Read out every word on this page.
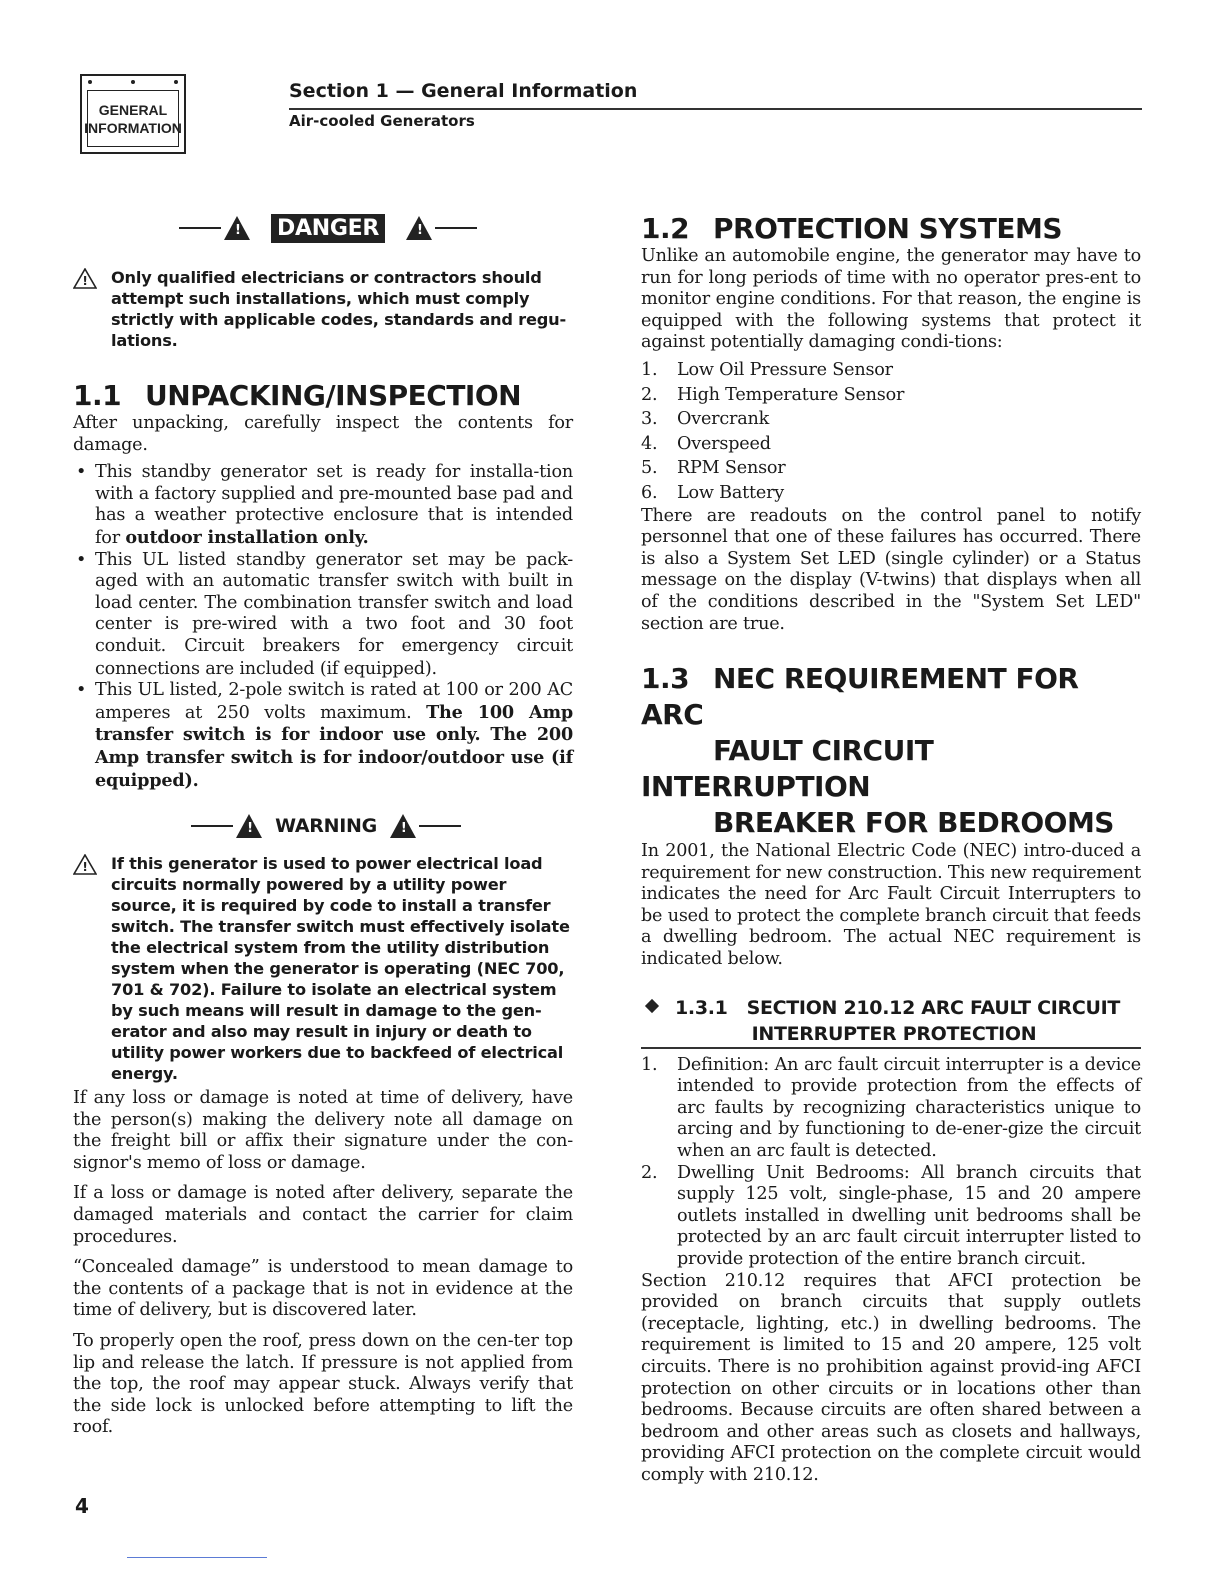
GENERAL
INFORMATION
Section 1 — General Information
Air-cooled Generators
! DANGER	!

! Only qualified electricians or contractors should attempt such installations, which must comply strictly with applicable codes, standards and regu-lations.

1.1 UNPACKING/INSPECTION

After unpacking, carefully inspect the contents for damage.

• This standby generator set is ready for installa-tion with a factory supplied and pre-mounted base pad and has a weather protective enclosure that is intended for outdoor installation only.
• This UL listed standby generator set may be pack-aged with an automatic transfer switch with built in load center. The combination transfer switch and load center is pre-wired with a two foot and 30 foot conduit. Circuit breakers for emergency circuit connections are included (if equipped).
• This UL listed, 2-pole switch is rated at 100 or 200 AC amperes at 250 volts maximum. The 100 Amp transfer switch is for indoor use only. The 200 Amp transfer switch is for indoor/outdoor use (if equipped).
! WARNING !

! If this generator is used to power electrical load circuits normally powered by a utility power source, it is required by code to install a transfer switch. The transfer switch must effectively isolate the electrical system from the utility distribution system when the generator is operating (NEC 700, 701 & 702). Failure to isolate an electrical system by such means will result in damage to the gen-erator and also may result in injury or death to utility power workers due to backfeed of electrical energy.

If any loss or damage is noted at time of delivery, have the person(s) making the delivery note all damage on the freight bill or affix their signature under the con-signor's memo of loss or damage.

If a loss or damage is noted after delivery, separate the damaged materials and contact the carrier for claim procedures.

“Concealed damage” is understood to mean damage to the contents of a package that is not in evidence at the time of delivery, but is discovered later.

To properly open the roof, press down on the cen-ter top lip and release the latch. If pressure is not applied from the top, the roof may appear stuck. Always verify that the side lock is unlocked before attempting to lift the roof.

1.2 PROTECTION SYSTEMS

Unlike an automobile engine, the generator may have to run for long periods of time with no operator pres-ent to monitor engine conditions. For that reason, the engine is equipped with the following systems that protect it against potentially damaging condi-tions:

1. Low Oil Pressure Sensor
2. High Temperature Sensor
3. Overcrank
4. Overspeed
5. RPM Sensor
6. Low Battery

There are readouts on the control panel to notify personnel that one of these failures has occurred. There is also a System Set LED (single cylinder) or a Status message on the display (V-twins) that displays when all of the conditions described in the "System Set LED" section are true.

1.3 NEC REQUIREMENT FOR ARC
FAULT CIRCUIT INTERRUPTION
BREAKER FOR BEDROOMS

In 2001, the National Electric Code (NEC) intro-duced a requirement for new construction. This new requirement indicates the need for Arc Fault Circuit Interrupters to be used to protect the complete branch circuit that feeds a dwelling bedroom. The actual NEC requirement is indicated below.

1.3.1 SECTION 210.12 ARC FAULT CIRCUIT
INTERRUPTER PROTECTION
1. Definition: An arc fault circuit interrupter is a device intended to provide protection from the effects of arc faults by recognizing characteristics unique to arcing and by functioning to de-ener-gize the circuit when an arc fault is detected.
2. Dwelling Unit Bedrooms: All branch circuits that supply 125 volt, single-phase, 15 and 20 ampere outlets installed in dwelling unit bedrooms shall be protected by an arc fault circuit interrupter listed to provide protection of the entire branch circuit.

Section 210.12 requires that AFCI protection be provided on branch circuits that supply outlets (receptacle, lighting, etc.) in dwelling bedrooms. The requirement is limited to 15 and 20 ampere, 125 volt circuits. There is no prohibition against provid-ing AFCI protection on other circuits or in locations other than bedrooms. Because circuits are often shared between a bedroom and other areas such as closets and hallways, providing AFCI protection on the complete circuit would comply with 210.12.

4
